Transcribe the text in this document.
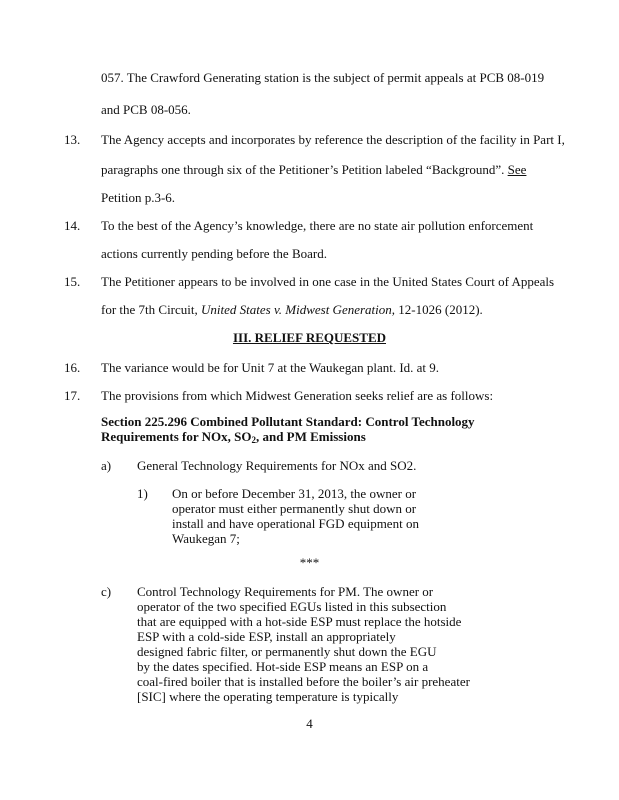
057. The Crawford Generating station is the subject of permit appeals at PCB 08-019
and PCB 08-056.
13. The Agency accepts and incorporates by reference the description of the facility in Part I,
paragraphs one through six of the Petitioner’s Petition labeled “Background”. See
Petition p.3-6.
14. To the best of the Agency’s knowledge, there are no state air pollution enforcement
actions currently pending before the Board.
15. The Petitioner appears to be involved in one case in the United States Court of Appeals
for the 7th Circuit, United States v. Midwest Generation, 12-1026 (2012).
III. RELIEF REQUESTED
16. The variance would be for Unit 7 at the Waukegan plant. Id. at 9.
17. The provisions from which Midwest Generation seeks relief are as follows:
Section 225.296 Combined Pollutant Standard: Control Technology
Requirements for NOx, $SO_2$, and PM Emissions
a) General Technology Requirements for NOx and SO2.
1) On or before December 31, 2013, the owner or
operator must either permanently shut down or
install and have operational FGD equipment on
Waukegan 7;
***
c) Control Technology Requirements for PM. The owner or
operator of the two specified EGUs listed in this subsection
that are equipped with a hot-side ESP must replace the hotside
ESP with a cold-side ESP, install an appropriately
designed fabric filter, or permanently shut down the EGU
by the dates specified. Hot-side ESP means an ESP on a
coal-fired boiler that is installed before the boiler’s air preheater
[SIC] where the operating temperature is typically
4
